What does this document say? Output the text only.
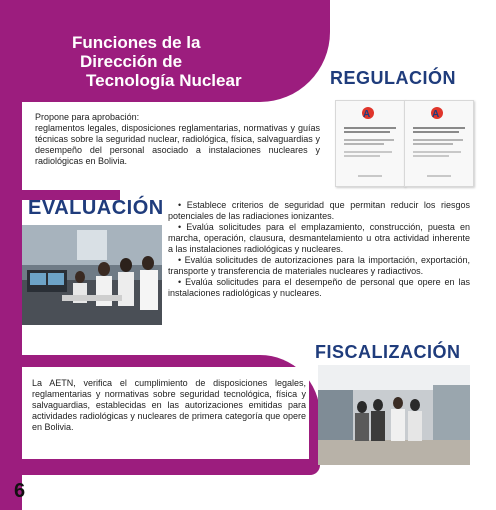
Funciones de la

Dirección de

Tecnología Nuclear	REGULACIÓN

Propone para aprobación:
reglamentos legales, disposiciones reglamentarias, normativas y guías técnicas sobre la seguridad nuclear, radiológica, física, salvaguardias y desempeño del personal asociado a instalaciones nucleares y radiológicas en Bolivia.

A	A

EVALUACIÓN	• Establece criterios de seguridad que permitan reducir los riesgos potenciales de las radiaciones ionizantes.
• Evalúa solicitudes para el emplazamiento, construcción, puesta en marcha, operación, clausura, desmantelamiento u otra actividad inherente a las instalaciones radiológicas y nucleares.
• Evalúa solicitudes de autorizaciones para la importación, exportación, transporte y transferencia de materiales nucleares y radiactivos.
• Evalúa solicitudes para el desempeño de personal que opere en las instalaciones radiológicas y nucleares.

FISCALIZACIÓN

La AETN, verifica el cumplimiento de disposiciones legales, reglamentarias y normativas sobre seguridad tecnológica, física y salvaguardias, establecidas en las autorizaciones emitidas para actividades radiológicas y nucleares de primera categoría que opere en Bolivia.

6
